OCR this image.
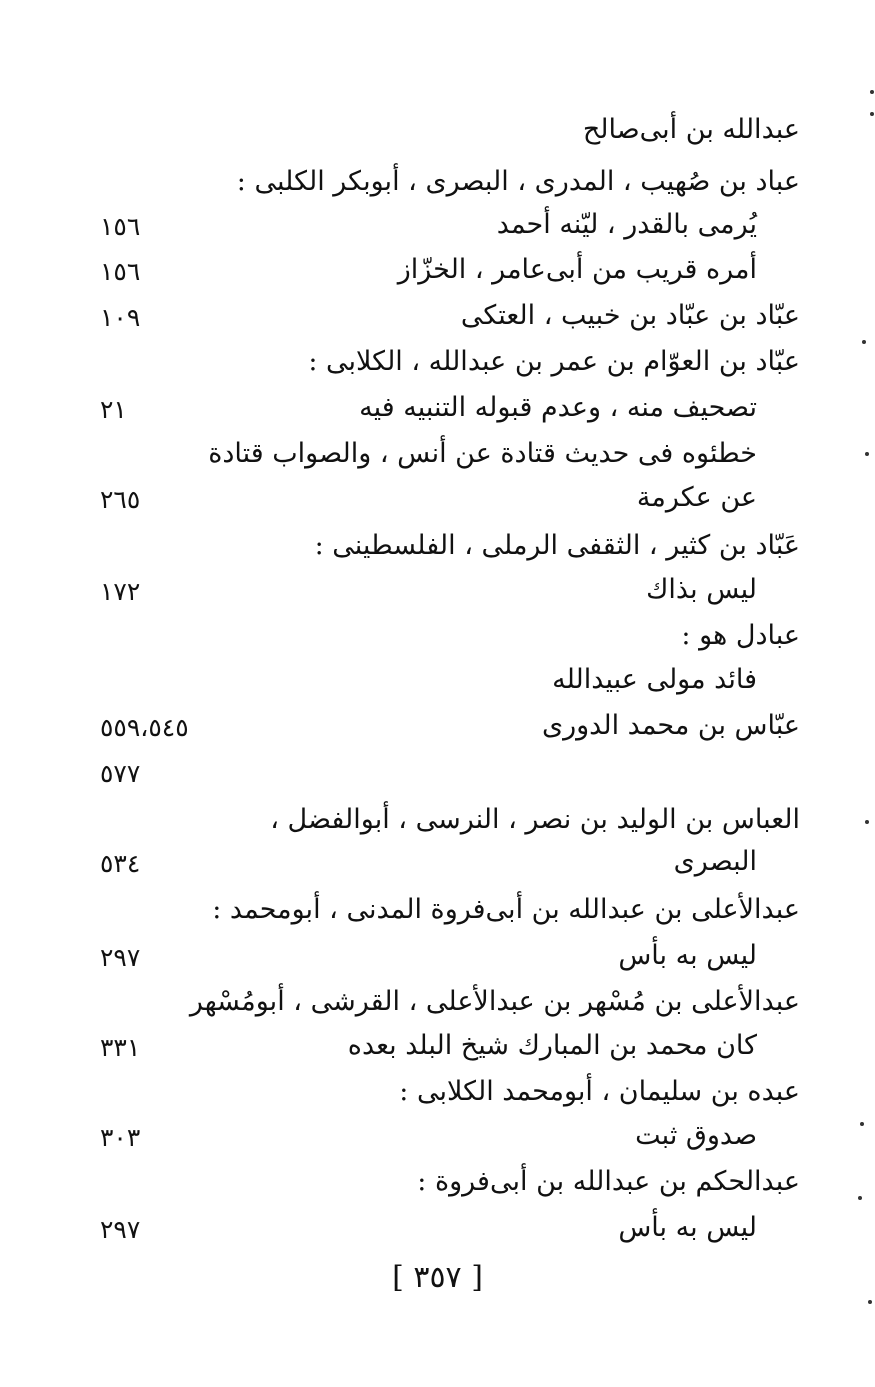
عبدالله بن أبى‌صالح
عباد بن صُهيب ، المدرى ، البصرى ، أبوبكر الكلبى :
يُرمى بالقدر ، ليّنه أحمد
١٥٦
أمره قريب من أبى‌عامر ، الخزّاز
١٥٦
عبّاد بن عبّاد بن خبيب ، العتكى
١٠٩
عبّاد بن العوّام بن عمر بن عبدالله ، الكلابى :
تصحيف منه ، وعدم قبوله التنبيه فيه
٢١
خطئوه فى حديث قتادة عن أنس ، والصواب قتادة
عن عكرمة
٢٦٥
عَبّاد بن كثير ، الثقفى الرملى ، الفلسطينى :
ليس بذاك
١٧٢
عبادل هو :
فائد مولى عبيدالله
عبّاس بن محمد الدورى
٥٥٩،٥٤٥
٥٧٧
العباس بن الوليد بن نصر ، النرسى ، أبوالفضل ،
البصرى
٥٣٤
عبدالأعلى بن عبدالله بن أبى‌فروة المدنى ، أبومحمد :
ليس به بأس
٢٩٧
عبدالأعلى بن مُسْهر بن عبدالأعلى ، القرشى ، أبومُسْهر
كان محمد بن المبارك شيخ البلد بعده
٣٣١
عبده بن سليمان ، أبومحمد الكلابى :
صدوق ثبت
٣٠٣
عبدالحكم بن عبدالله بن أبى‌فروة :
ليس به بأس
٢٩٧
[ ٣٥٧ ]
